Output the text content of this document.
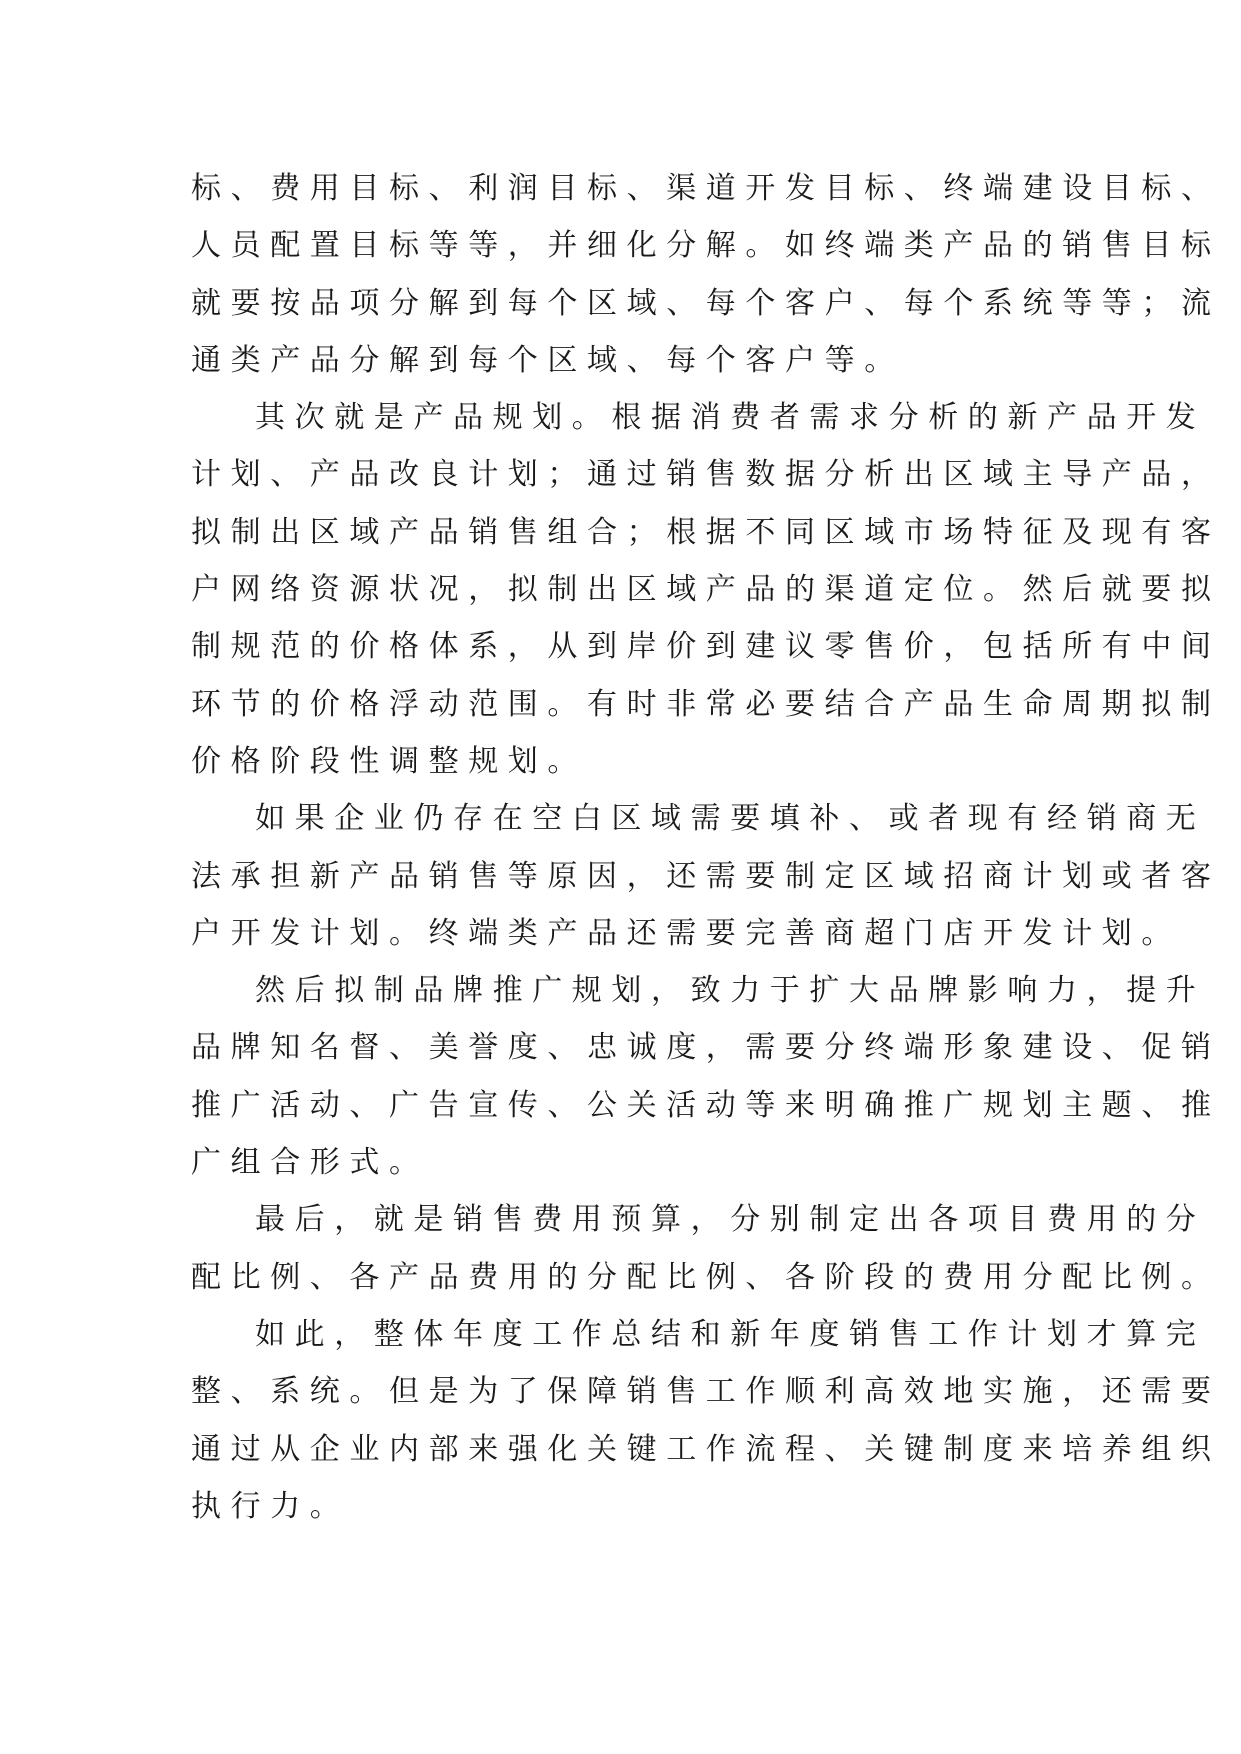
标、费用目标、利润目标、渠道开发目标、终端建设目标、
人员配置目标等等，并细化分解。如终端类产品的销售目标
就要按品项分解到每个区域、每个客户、每个系统等等；流
通类产品分解到每个区域、每个客户等。
其次就是产品规划。根据消费者需求分析的新产品开发
计划、产品改良计划；通过销售数据分析出区域主导产品，
拟制出区域产品销售组合；根据不同区域市场特征及现有客
户网络资源状况，拟制出区域产品的渠道定位。然后就要拟
制规范的价格体系，从到岸价到建议零售价，包括所有中间
环节的价格浮动范围。有时非常必要结合产品生命周期拟制
价格阶段性调整规划。
如果企业仍存在空白区域需要填补、或者现有经销商无
法承担新产品销售等原因，还需要制定区域招商计划或者客
户开发计划。终端类产品还需要完善商超门店开发计划。
然后拟制品牌推广规划，致力于扩大品牌影响力，提升
品牌知名督、美誉度、忠诚度，需要分终端形象建设、促销
推广活动、广告宣传、公关活动等来明确推广规划主题、推
广组合形式。
最后，就是销售费用预算，分别制定出各项目费用的分
配比例、各产品费用的分配比例、各阶段的费用分配比例。
如此，整体年度工作总结和新年度销售工作计划才算完
整、系统。但是为了保障销售工作顺利高效地实施，还需要
通过从企业内部来强化关键工作流程、关键制度来培养组织
执行力。
